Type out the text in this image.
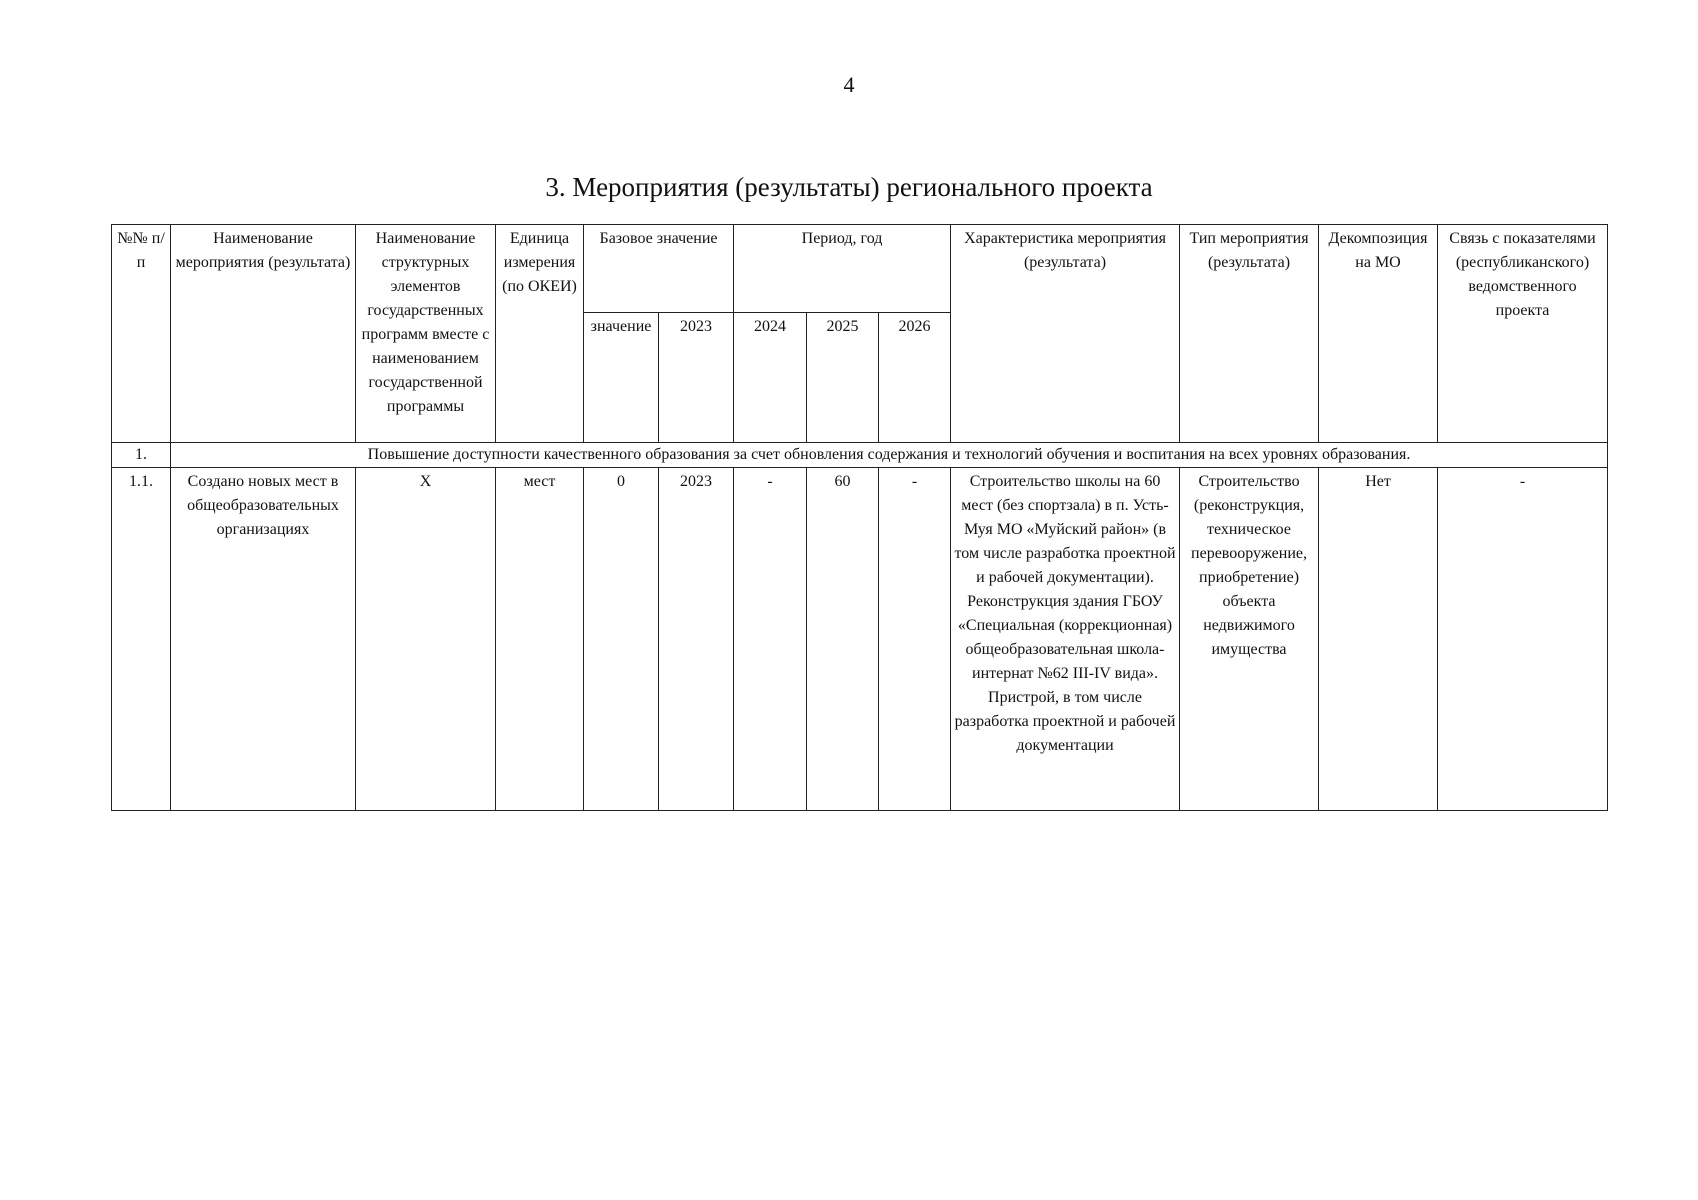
4
3. Мероприятия (результаты) регионального проекта
№№ п/п	Наименование мероприятия (результата)	Наименование структурных элементов государственных программ вместе с наименованием государственной программы	Единица измерения (по ОКЕИ)	Базовое значение		Период, год			Характеристика мероприятия (результата)	Тип мероприятия (результата)	Декомпозиция на МО	Связь с показателями (республиканского) ведомственного проекта
				значение	2023	2024	2025	2026				
1.	Повышение доступности качественного образования за счет обновления содержания и технологий обучения и воспитания на всех уровнях образования.											
1.1.	Создано новых мест в общеобразовательных организациях	Х	мест	0	2023	-	60	-	Строительство школы на 60 мест (без спортзала) в п. Усть-Муя МО «Муйский район» (в том числе разработка проектной и рабочей документации). Реконструкция здания ГБОУ «Специальная (коррекционная) общеобразовательная школа-интернат №62 III-IV вида». Пристрой, в том числе разработка проектной и рабочей документации	Строительство (реконструкция, техническое перевооружение, приобретение) объекта недвижимого имущества	Нет	-
